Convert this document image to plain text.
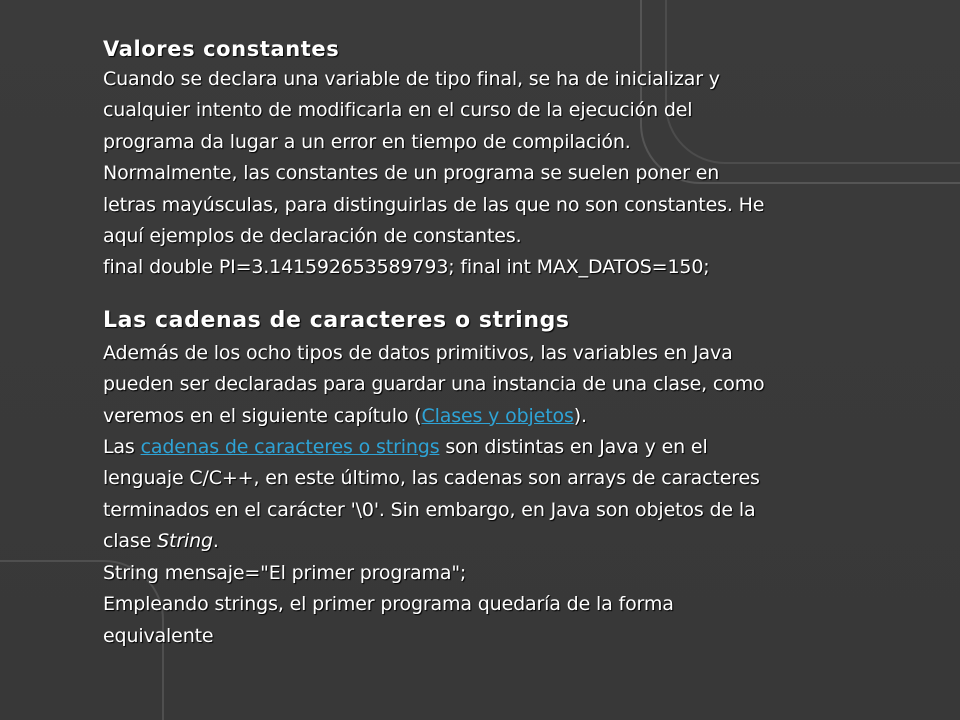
Valores constantes

Cuando se declara una variable de tipo final, se ha de inicializar y

cualquier intento de modificarla en el curso de la ejecución del

programa da lugar a un error en tiempo de compilación.

Normalmente, las constantes de un programa se suelen poner en

letras mayúsculas, para distinguirlas de las que no son constantes. He

aquí ejemplos de declaración de constantes.

final double PI=3.141592653589793; final int MAX_DATOS=150;

Las cadenas de caracteres o strings

Además de los ocho tipos de datos primitivos, las variables en Java

pueden ser declaradas para guardar una instancia de una clase, como

veremos en el siguiente capítulo (Clases y objetos).

Las cadenas de caracteres o strings son distintas en Java y en el

lenguaje C/C++, en este último, las cadenas son arrays de caracteres

terminados en el carácter '\0'. Sin embargo, en Java son objetos de la

clase String.

String mensaje="El primer programa";

Empleando strings, el primer programa quedaría de la forma

equivalente
